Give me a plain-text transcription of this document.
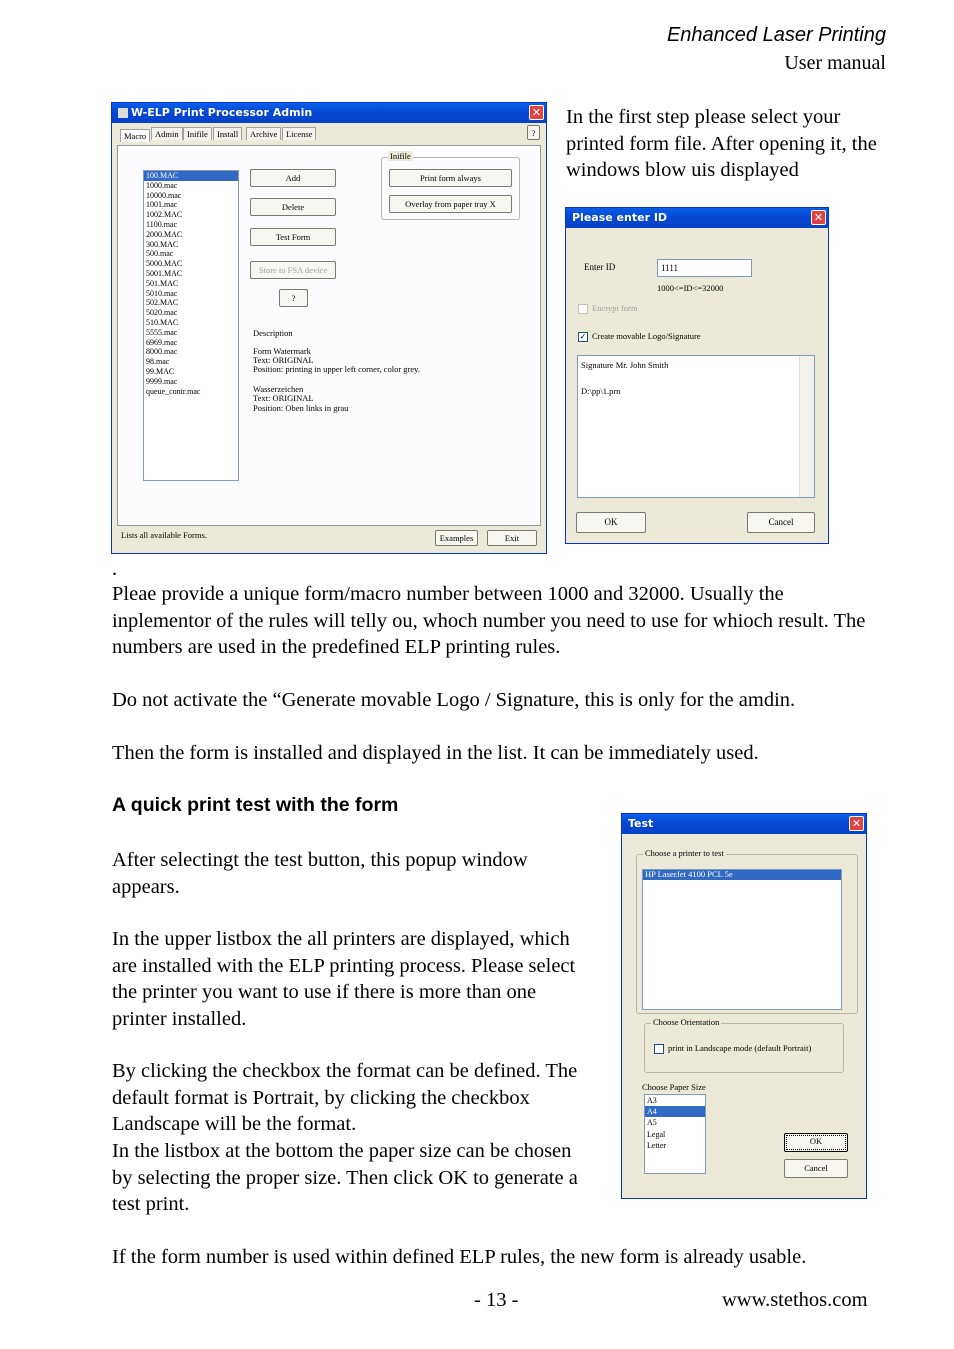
Enhanced Laser Printing
User manual
W-ELP Print Processor Admin	✕
Macro	Admin Inifile	Install	Archive	License	?
100.MAC
1000.mac
10000.mac
1001.mac
1002.MAC
1100.mac
2000.MAC
300.MAC
500.mac
5000.MAC
5001.MAC
501.MAC
5010.mac
502.MAC
5020.mac
510.MAC
5555.mac
6969.mac
8000.mac
98.mac
99.MAC
9999.mac
queue_contr.mac
Add
Delete
Test Form
Store to FSA device
?
Inifile
Print form always
Overlay from paper tray X
Description
Form Watermark
Text: ORIGINAL
Position: printing in upper left corner, color grey.
Wasserzeichen
Text: ORIGINAL
Position: Oben links in grau
Lists all available Forms.	Examples	Exit
In the first step please select your printed form file. After opening it, the windows blow uis displayed
Please enter ID	✕
Enter ID	1111
1000<=ID<=32000
Encrypt form
✓ Create movable Logo/Signature
Signature Mr. John Smith
D:\pp\1.prn
OK	Cancel
.
Pleae provide a unique form/macro number between 1000 and 32000. Usually the inplementor of the rules will telly ou, whoch number you need to use for whioch result. The numbers are used in the predefined ELP printing rules.
Do not activate the “Generate movable Logo / Signature, this is only for the amdin.
Then the form is installed and displayed in the list. It can be immediately used.
A quick print test with the form
After selectingt the test button, this popup window appears.
In the upper listbox the all printers are displayed, which are installed with the ELP printing process. Please select the printer you want to use if there is more than one printer installed.
By clicking the checkbox the format can be defined. The default format is Portrait, by clicking the checkbox Landscape will be the format.
In the listbox at the bottom the paper size can be chosen by selecting the proper size. Then click OK to generate a test print.
Test	✕
Choose a printer to test
HP LaserJet 4100 PCL 5e
Choose Orientation
print in Landscape mode (default Portrait)
Choose Paper Size
A3
A4
A5
Legal
Letter	OK
Cancel
If the form number is used within defined ELP rules, the new form is already usable.
- 13 -	www.stethos.com
